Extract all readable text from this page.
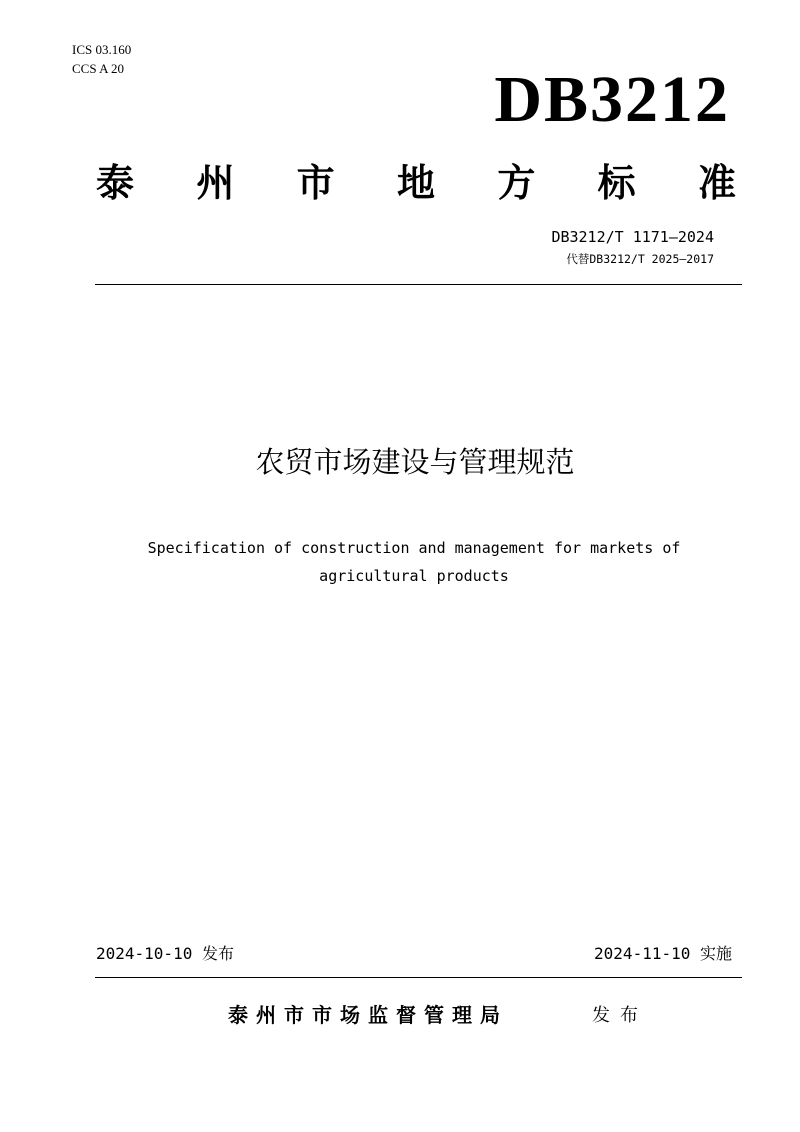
ICS 03.160
CCS A 20	DB3212
泰 州 市 地 方 标 准
DB3212/T 1171—2024
代替DB3212/T 2025—2017
农贸市场建设与管理规范
Specification of construction and management for markets of
agricultural products
2024-10-10 发布	2024-11-10 实施
泰州市市场监督管理局	发布
